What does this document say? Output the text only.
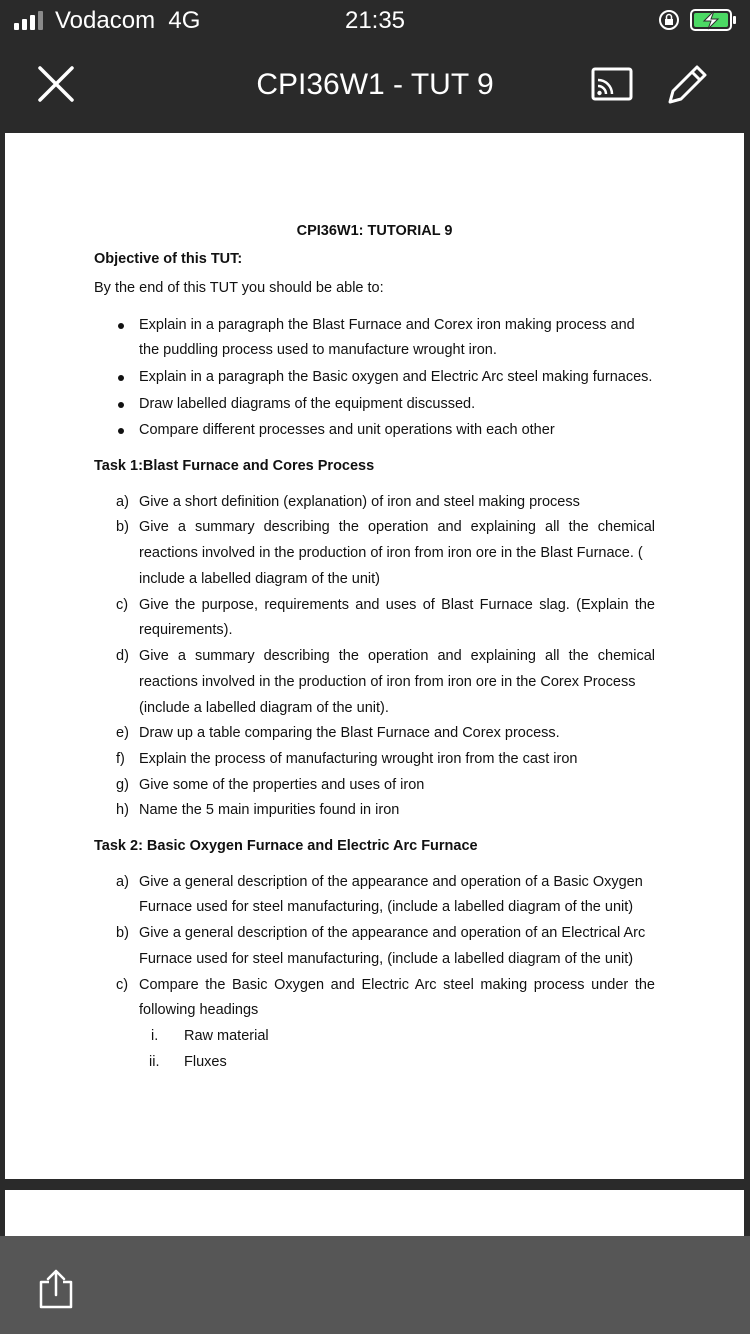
Vodacom 4G	21:35
CPI36W1 - TUT 9
CPI36W1: TUTORIAL 9
Objective of this TUT:
By the end of this TUT you should be able to:
Explain in a paragraph the Blast Furnace and Corex iron making process and
the puddling process used to manufacture wrought iron.
Explain in a paragraph the Basic oxygen and Electric Arc steel making furnaces.
Draw labelled diagrams of the equipment discussed.
Compare different processes and unit operations with each other
Task 1:Blast Furnace and Cores Process
a) Give a short definition (explanation) of iron and steel making process
b) Give a summary describing the operation and explaining all the chemical
reactions involved in the production of iron from iron ore in the Blast Furnace. (
include a labelled diagram of the unit)
c) Give the purpose, requirements and uses of Blast Furnace slag. (Explain the
requirements).
d) Give a summary describing the operation and explaining all the chemical
reactions involved in the production of iron from iron ore in the Corex Process
(include a labelled diagram of the unit).
e) Draw up a table comparing the Blast Furnace and Corex process.
f) Explain the process of manufacturing wrought iron from the cast iron
g) Give some of the properties and uses of iron
h) Name the 5 main impurities found in iron
Task 2: Basic Oxygen Furnace and Electric Arc Furnace
a) Give a general description of the appearance and operation of a Basic Oxygen
Furnace used for steel manufacturing, (include a labelled diagram of the unit)
b) Give a general description of the appearance and operation of an Electrical Arc
Furnace used for steel manufacturing, (include a labelled diagram of the unit)
c) Compare the Basic Oxygen and Electric Arc steel making process under the
following headings
i. Raw material
ii. Fluxes
